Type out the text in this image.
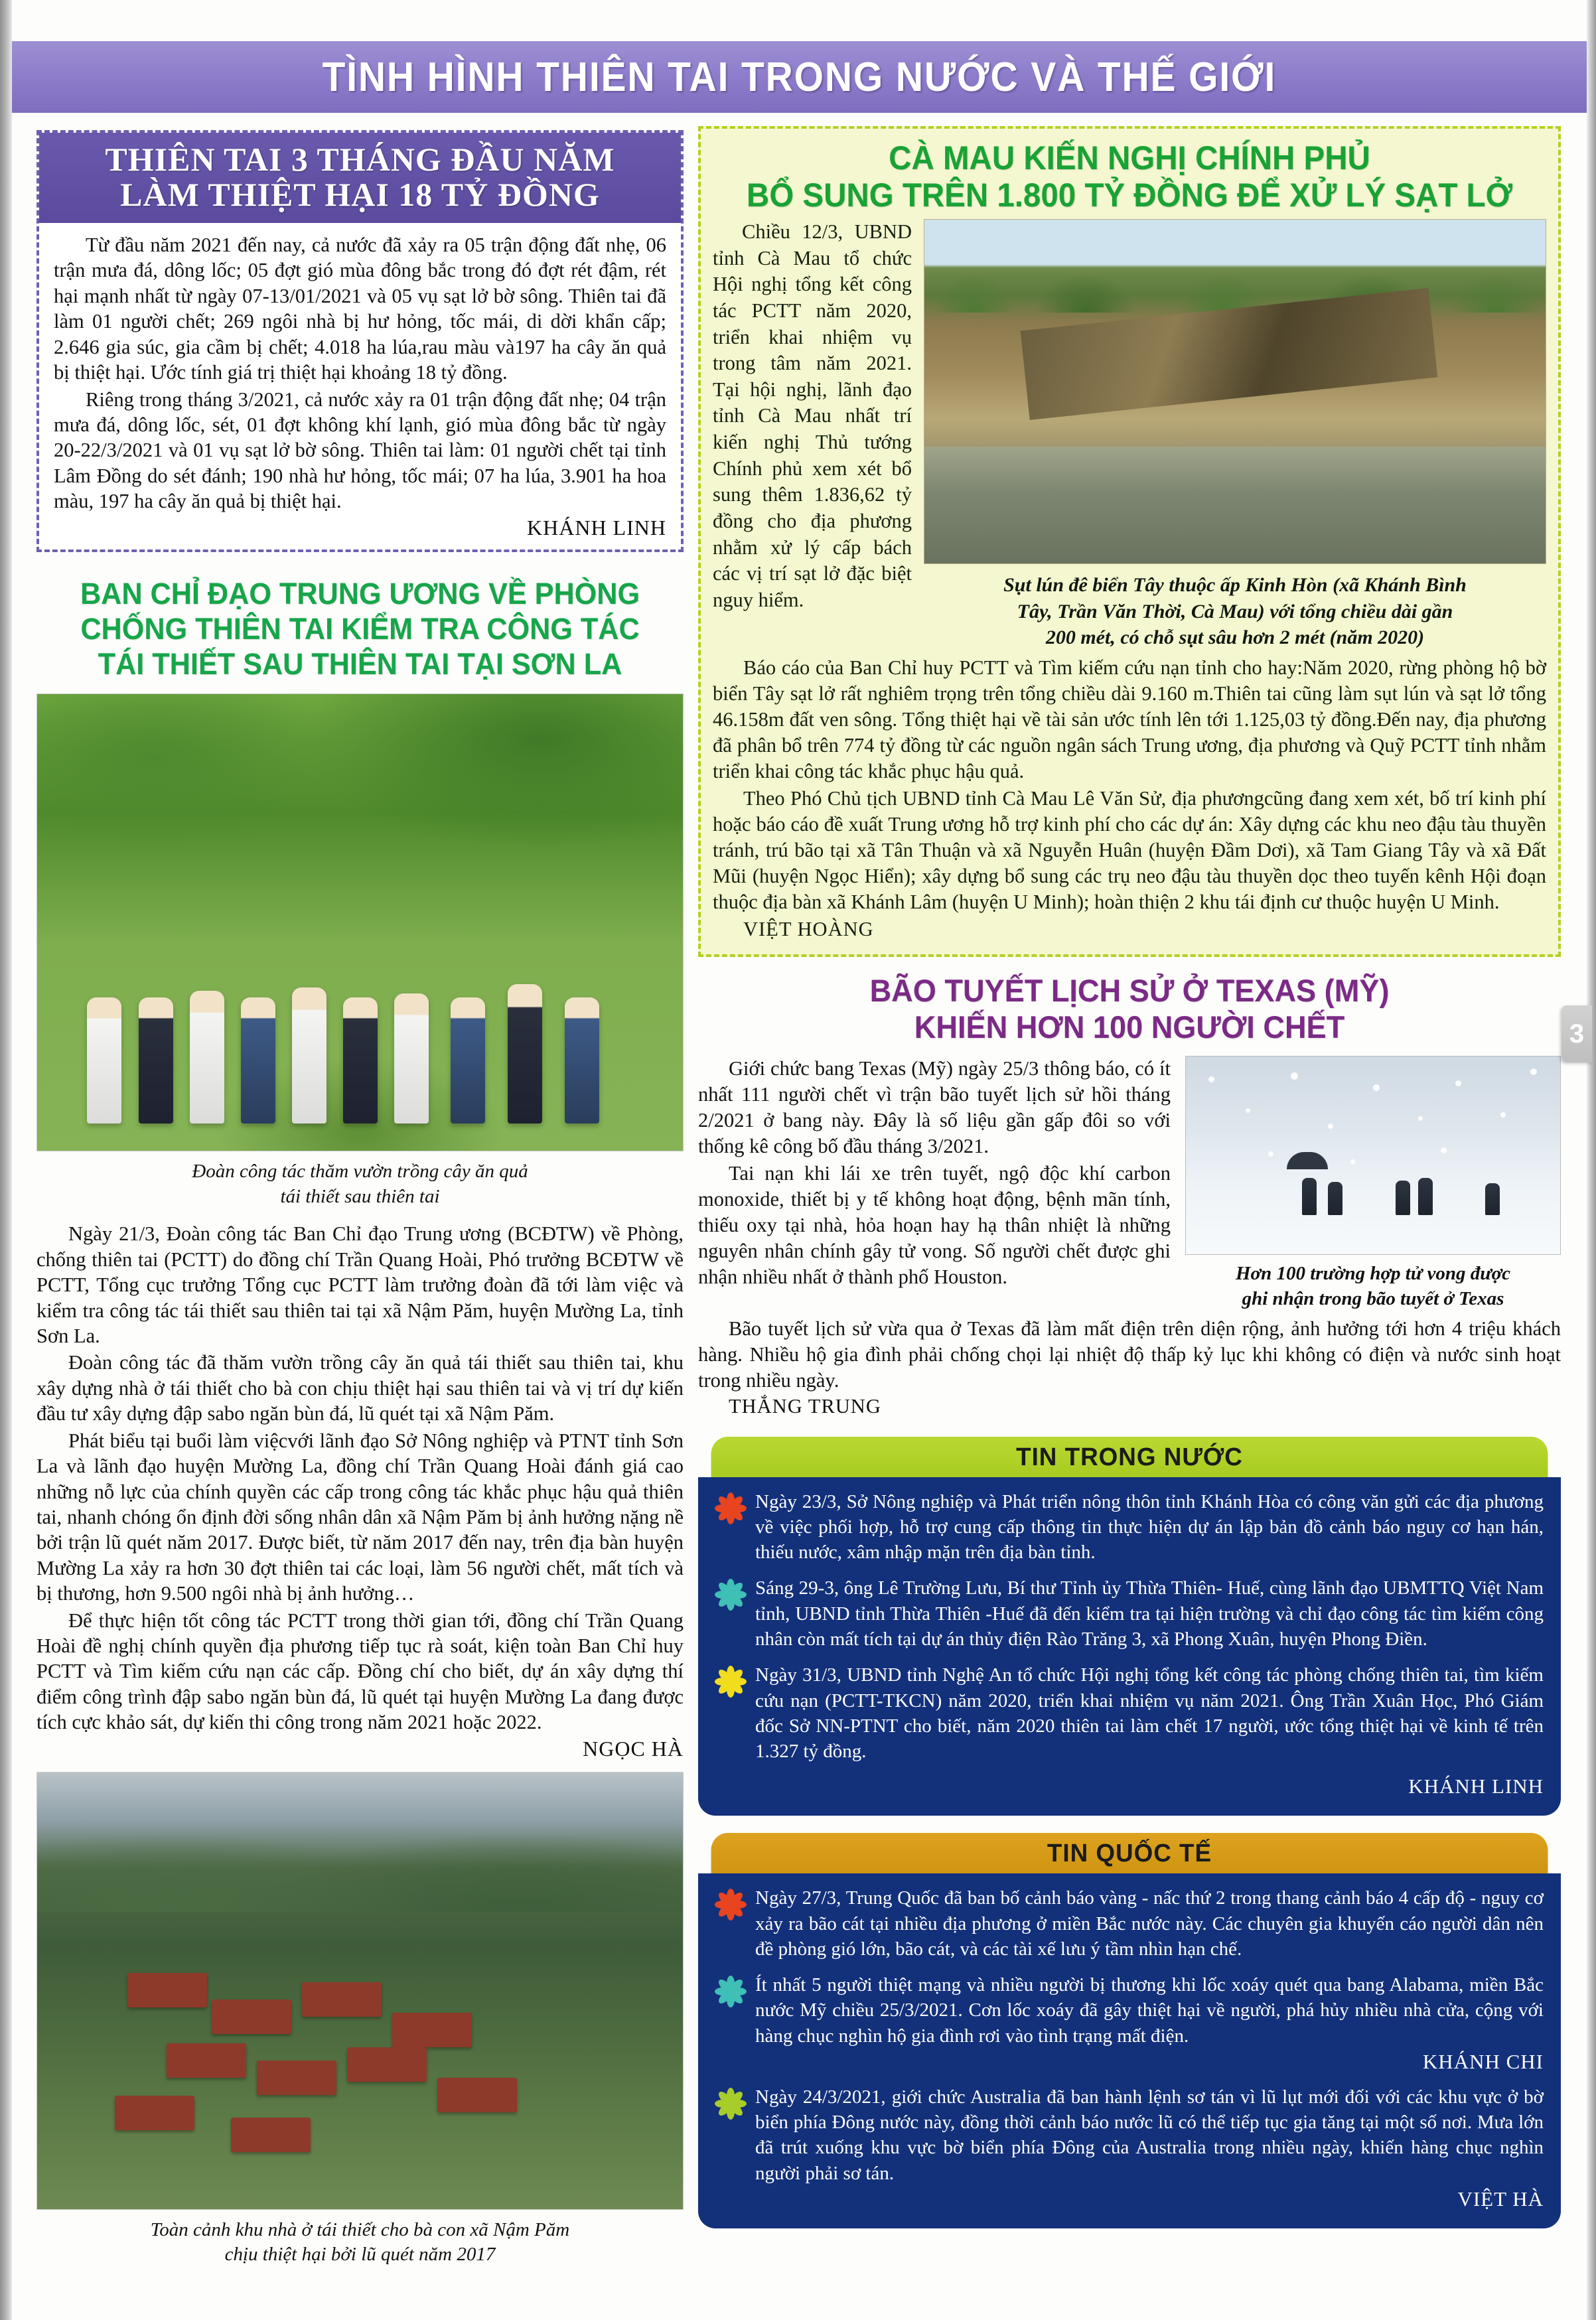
TÌNH HÌNH THIÊN TAI TRONG NƯỚC VÀ THẾ GIỚI
THIÊN TAI 3 THÁNG ĐẦU NĂM
LÀM THIỆT HẠI 18 TỶ ĐỒNG

Từ đầu năm 2021 đến nay, cả nước đã xảy ra 05 trận động đất nhẹ, 06 trận mưa đá, dông lốc; 05 đợt gió mùa đông bắc trong đó đợt rét đậm, rét hại mạnh nhất từ ngày 07-13/01/2021 và 05 vụ sạt lở bờ sông. Thiên tai đã làm 01 người chết; 269 ngôi nhà bị hư hỏng, tốc mái, di dời khẩn cấp; 2.646 gia súc, gia cầm bị chết; 4.018 ha lúa,rau màu và197 ha cây ăn quả bị thiệt hại. Ước tính giá trị thiệt hại khoảng 18 tỷ đồng.

Riêng trong tháng 3/2021, cả nước xảy ra 01 trận động đất nhẹ; 04 trận mưa đá, dông lốc, sét, 01 đợt không khí lạnh, gió mùa đông bắc từ ngày 20-22/3/2021 và 01 vụ sạt lở bờ sông. Thiên tai làm: 01 người chết tại tỉnh Lâm Đồng do sét đánh; 190 nhà hư hỏng, tốc mái; 07 ha lúa, 3.901 ha hoa màu, 197 ha cây ăn quả bị thiệt hại.

KHÁNH LINH

BAN CHỈ ĐẠO TRUNG ƯƠNG VỀ PHÒNG
CHỐNG THIÊN TAI KIỂM TRA CÔNG TÁC
TÁI THIẾT SAU THIÊN TAI TẠI SƠN LA
Đoàn công tác thăm vườn trồng cây ăn quả
tái thiết sau thiên tai

Ngày 21/3, Đoàn công tác Ban Chỉ đạo Trung ương (BCĐTW) về Phòng, chống thiên tai (PCTT) do đồng chí Trần Quang Hoài, Phó trưởng BCĐTW về PCTT, Tổng cục trưởng Tổng cục PCTT làm trưởng đoàn đã tới làm việc và kiểm tra công tác tái thiết sau thiên tai tại xã Nậm Păm, huyện Mường La, tỉnh Sơn La.

Đoàn công tác đã thăm vườn trồng cây ăn quả tái thiết sau thiên tai, khu xây dựng nhà ở tái thiết cho bà con chịu thiệt hại sau thiên tai và vị trí dự kiến đầu tư xây dựng đập sabo ngăn bùn đá, lũ quét tại xã Nậm Păm.

Phát biểu tại buổi làm việcvới lãnh đạo Sở Nông nghiệp và PTNT tỉnh Sơn La và lãnh đạo huyện Mường La, đồng chí Trần Quang Hoài đánh giá cao những nỗ lực của chính quyền các cấp trong công tác khắc phục hậu quả thiên tai, nhanh chóng ổn định đời sống nhân dân xã Nậm Păm bị ảnh hưởng nặng nề bởi trận lũ quét năm 2017. Được biết, từ năm 2017 đến nay, trên địa bàn huyện Mường La xảy ra hơn 30 đợt thiên tai các loại, làm 56 người chết, mất tích và bị thương, hơn 9.500 ngôi nhà bị ảnh hưởng…

Để thực hiện tốt công tác PCTT trong thời gian tới, đồng chí Trần Quang Hoài đề nghị chính quyền địa phương tiếp tục rà soát, kiện toàn Ban Chỉ huy PCTT và Tìm kiếm cứu nạn các cấp. Đồng chí cho biết, dự án xây dựng thí điểm công trình đập sabo ngăn bùn đá, lũ quét tại huyện Mường La đang được tích cực khảo sát, dự kiến thi công trong năm 2021 hoặc 2022.

NGỌC HÀ

Toàn cảnh khu nhà ở tái thiết cho bà con xã Nậm Păm
chịu thiệt hại bởi lũ quét năm 2017
CÀ MAU KIẾN NGHỊ CHÍNH PHỦ
BỔ SUNG TRÊN 1.800 TỶ ĐỒNG ĐỂ XỬ LÝ SẠT LỞ

Chiều 12/3, UBND tỉnh Cà Mau tổ chức Hội nghị tổng kết công tác PCTT năm 2020, triển khai nhiệm vụ trong tâm năm 2021. Tại hội nghị, lãnh đạo tỉnh Cà Mau nhất trí kiến nghị Thủ tướng Chính phủ xem xét bổ sung thêm 1.836,62 tỷ đồng cho địa phương nhằm xử lý cấp bách các vị trí sạt lở đặc biệt nguy hiểm.

Sụt lún đê biển Tây thuộc ấp Kinh Hòn (xã Khánh Bình
Tây, Trần Văn Thời, Cà Mau) với tổng chiều dài gần
200 mét, có chỗ sụt sâu hơn 2 mét (năm 2020)

Báo cáo của Ban Chỉ huy PCTT và Tìm kiếm cứu nạn tỉnh cho hay:Năm 2020, rừng phòng hộ bờ biển Tây sạt lở rất nghiêm trọng trên tổng chiều dài 9.160 m.Thiên tai cũng làm sụt lún và sạt lở tổng 46.158m đất ven sông. Tổng thiệt hại về tài sản ước tính lên tới 1.125,03 tỷ đồng.Đến nay, địa phương đã phân bổ trên 774 tỷ đồng từ các nguồn ngân sách Trung ương, địa phương và Quỹ PCTT tỉnh nhằm triển khai công tác khắc phục hậu quả.

Theo Phó Chủ tịch UBND tỉnh Cà Mau Lê Văn Sử, địa phươngcũng đang xem xét, bố trí kinh phí hoặc báo cáo đề xuất Trung ương hỗ trợ kinh phí cho các dự án: Xây dựng các khu neo đậu tàu thuyền tránh, trú bão tại xã Tân Thuận và xã Nguyễn Huân (huyện Đầm Dơi), xã Tam Giang Tây và xã Đất Mũi (huyện Ngọc Hiển); xây dựng bổ sung các trụ neo đậu tàu thuyền dọc theo tuyến kênh Hội đoạn thuộc địa bàn xã Khánh Lâm (huyện U Minh); hoàn thiện 2 khu tái định cư thuộc huyện U Minh.

VIỆT HOÀNG

BÃO TUYẾT LỊCH SỬ Ở TEXAS (MỸ)
KHIẾN HƠN 100 NGƯỜI CHẾT

Giới chức bang Texas (Mỹ) ngày 25/3 thông báo, có ít nhất 111 người chết vì trận bão tuyết lịch sử hồi tháng 2/2021 ở bang này. Đây là số liệu gần gấp đôi so với thống kê công bố đầu tháng 3/2021.

Tai nạn khi lái xe trên tuyết, ngộ độc khí carbon monoxide, thiết bị y tế không hoạt động, bệnh mãn tính, thiếu oxy tại nhà, hỏa hoạn hay hạ thân nhiệt là những nguyên nhân chính gây tử vong. Số người chết được ghi nhận nhiều nhất ở thành phố Houston.	Hơn 100 trường hợp tử vong được
ghi nhận trong bão tuyết ở Texas

Bão tuyết lịch sử vừa qua ở Texas đã làm mất điện trên diện rộng, ảnh hưởng tới hơn 4 triệu khách hàng. Nhiều hộ gia đình phải chống chọi lại nhiệt độ thấp kỷ lục khi không có điện và nước sinh hoạt trong nhiều ngày.

THẮNG TRUNG

TIN TRONG NƯỚC
Ngày 23/3, Sở Nông nghiệp và Phát triển nông thôn tỉnh Khánh Hòa có công văn gửi các địa phương về việc phối hợp, hỗ trợ cung cấp thông tin thực hiện dự án lập bản đồ cảnh báo nguy cơ hạn hán, thiếu nước, xâm nhập mặn trên địa bàn tỉnh.
Sáng 29-3, ông Lê Trường Lưu, Bí thư Tỉnh ủy Thừa Thiên- Huế, cùng lãnh đạo UBMTTQ Việt Nam tỉnh, UBND tỉnh Thừa Thiên -Huế đã đến kiểm tra tại hiện trường và chỉ đạo công tác tìm kiếm công nhân còn mất tích tại dự án thủy điện Rào Trăng 3, xã Phong Xuân, huyện Phong Điền.
Ngày 31/3, UBND tỉnh Nghệ An tổ chức Hội nghị tổng kết công tác phòng chống thiên tai, tìm kiếm cứu nạn (PCTT-TKCN) năm 2020, triển khai nhiệm vụ năm 2021. Ông Trần Xuân Học, Phó Giám đốc Sở NN-PTNT cho biết, năm 2020 thiên tai làm chết 17 người, ước tổng thiệt hại về kinh tế trên 1.327 tỷ đồng.
KHÁNH LINH
TIN QUỐC TẾ
Ngày 27/3, Trung Quốc đã ban bố cảnh báo vàng - nấc thứ 2 trong thang cảnh báo 4 cấp độ - nguy cơ xảy ra bão cát tại nhiều địa phương ở miền Bắc nước này. Các chuyên gia khuyến cáo người dân nên đề phòng gió lớn, bão cát, và các tài xế lưu ý tầm nhìn hạn chế.
Ít nhất 5 người thiệt mạng và nhiều người bị thương khi lốc xoáy quét qua bang Alabama, miền Bắc nước Mỹ chiều 25/3/2021. Cơn lốc xoáy đã gây thiệt hại về người, phá hủy nhiều nhà cửa, cộng với hàng chục nghìn hộ gia đình rơi vào tình trạng mất điện.
KHÁNH CHI
Ngày 24/3/2021, giới chức Australia đã ban hành lệnh sơ tán vì lũ lụt mới đối với các khu vực ở bờ biển phía Đông nước này, đồng thời cảnh báo nước lũ có thể tiếp tục gia tăng tại một số nơi. Mưa lớn đã trút xuống khu vực bờ biển phía Đông của Australia trong nhiều ngày, khiến hàng chục nghìn người phải sơ tán.
VIỆT HÀ
3
